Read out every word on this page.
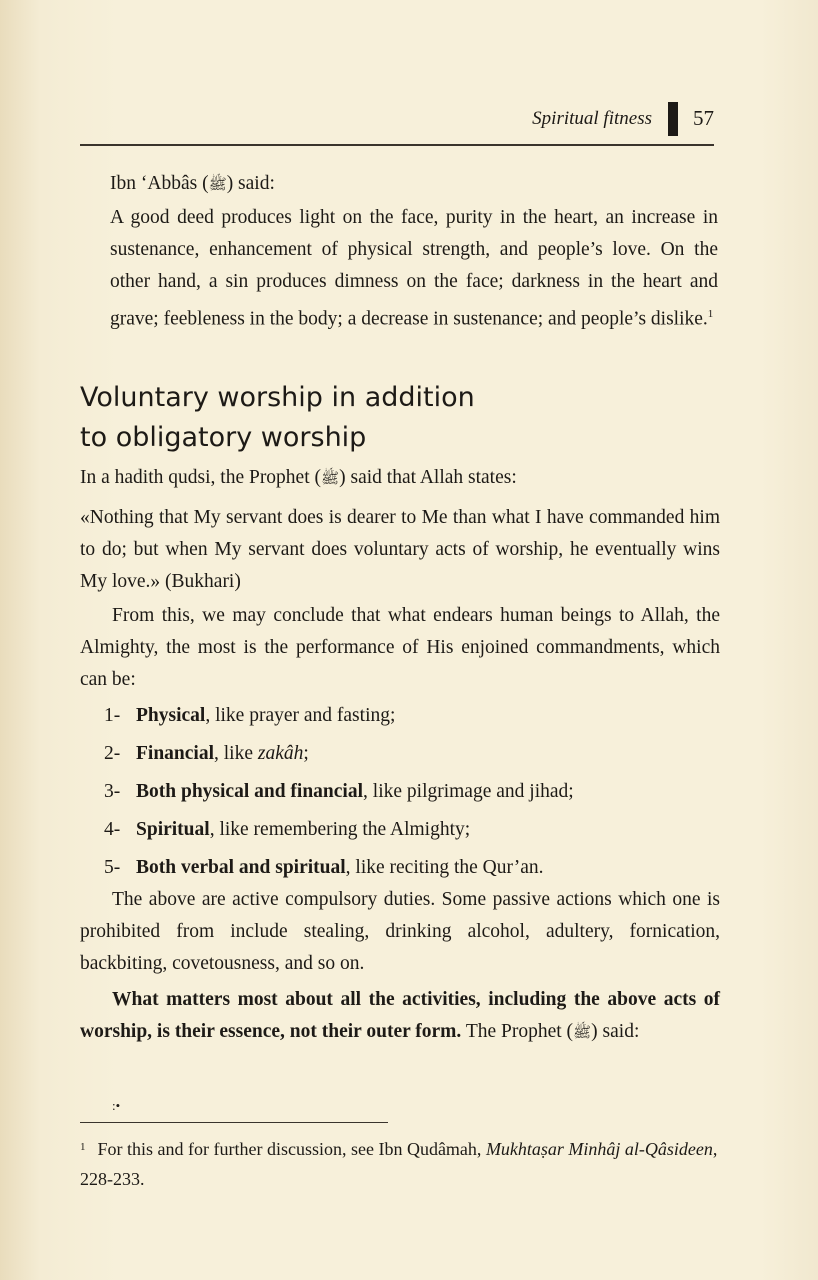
Spiritual fitness 57
Ibn ‘Abbâs (ﷺ) said:

A good deed produces light on the face, purity in the heart, an increase in sustenance, enhancement of physical strength, and people’s love. On the other hand, a sin produces dimness on the face; darkness in the heart and grave; feebleness in the body; a decrease in sustenance; and people’s dislike.$^1$

Voluntary worship in addition
to obligatory worship
In a hadith qudsi, the Prophet (ﷺ) said that Allah states:

«Nothing that My servant does is dearer to Me than what I have commanded him to do; but when My servant does voluntary acts of worship, he eventually wins My love.» (Bukhari)

From this, we may conclude that what endears human beings to Allah, the Almighty, the most is the performance of His enjoined commandments, which can be:

1- Physical, like prayer and fasting;
2- Financial, like zakâh;
3- Both physical and financial, like pilgrimage and jihad;
4- Spiritual, like remembering the Almighty;
5- Both verbal and spiritual, like reciting the Qur’an.

The above are active compulsory duties. Some passive actions which one is prohibited from include stealing, drinking alcohol, adultery, fornication, backbiting, covetousness, and so on.

What matters most about all the activities, including the above acts of worship, is their essence, not their outer form. The Prophet (ﷺ) said:

:•
$^1$ For this and for further discussion, see Ibn Qudâmah, Mukhtaṣar Minhâj al-Qâsideen, 228-233.
